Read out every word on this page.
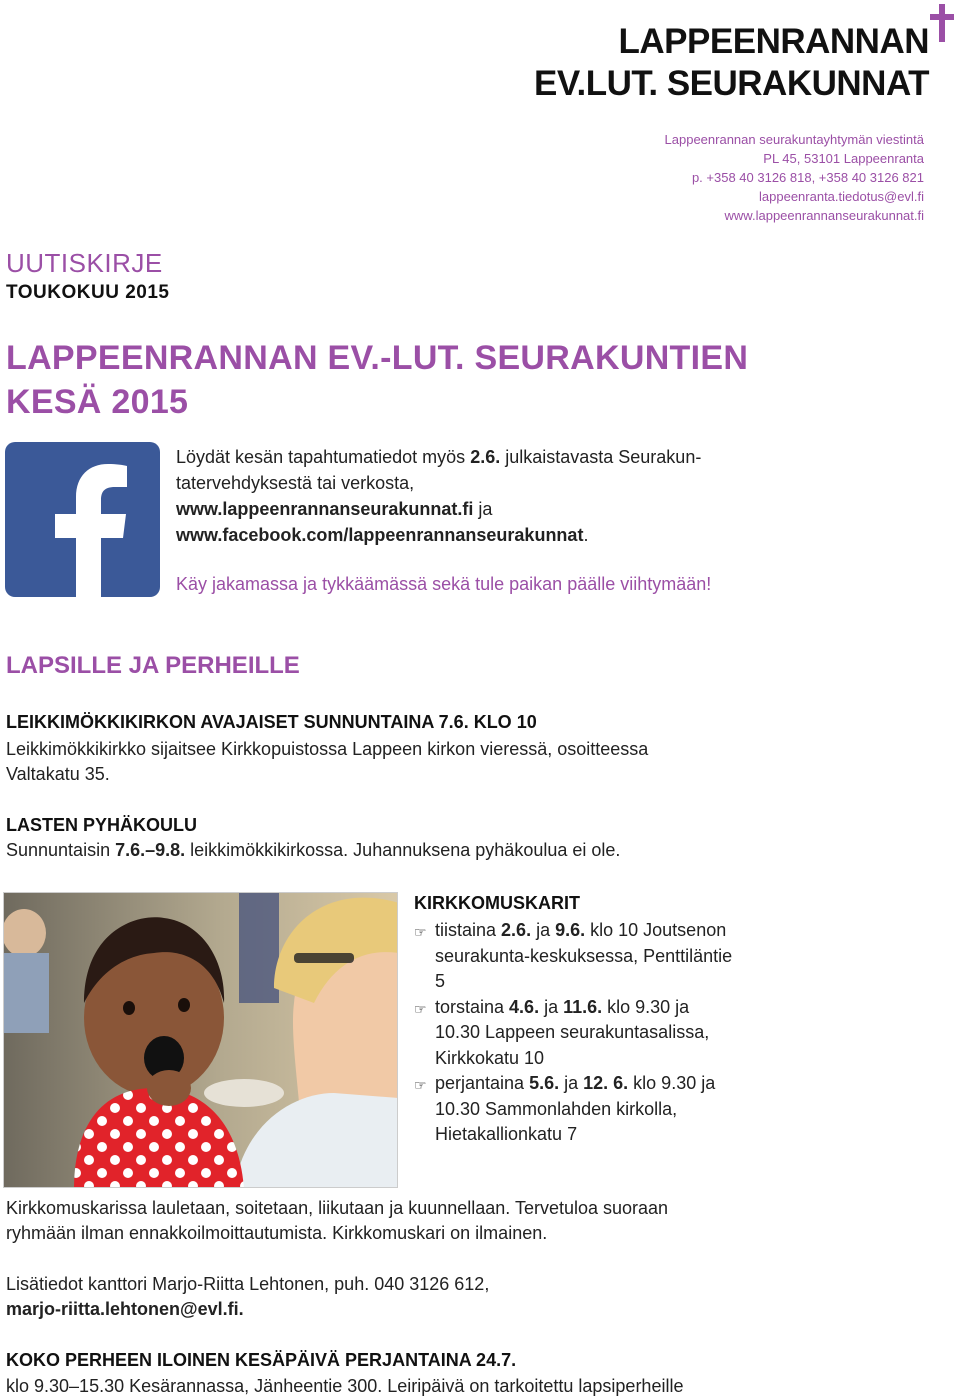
LAPPEENRANNAN
EV.LUT. SEURAKUNNAT
Lappeenrannan seurakuntayhtymän viestintä
PL 45, 53101 Lappeenranta
p. +358 40 3126 818, +358 40 3126 821
lappeenranta.tiedotus@evl.fi
www.lappeenrannanseurakunnat.fi
UUTISKIRJE
TOUKOKUU 2015
LAPPEENRANNAN EV.-LUT. SEURAKUNTIEN
KESÄ 2015

Löydät kesän tapahtumatiedot myös 2.6. julkaistavasta Seurakun-

tatervehdyksestä tai verkosta,

www.lappeenrannanseurakunnat.fi ja

www.facebook.com/lappeenrannanseurakunnat.

Käy jakamassa ja tykkäämässä sekä tule paikan päälle viihtymään!
LAPSILLE JA PERHEILLE
LEIKKIMÖKKIKIRKON AVAJAISET SUNNUNTAINA 7.6. KLO 10
Leikkimökkikirkko sijaitsee Kirkkopuistossa Lappeen kirkon vieressä, osoitteessa Valtakatu 35.
LASTEN PYHÄKOULU
Sunnuntaisin 7.6.–9.8. leikkimökkikirkossa. Juhannuksena pyhäkoulua ei ole.
KIRKKOMUSKARIT
☞ tiistaina 2.6. ja 9.6. klo 10 Joutsenon seurakunta-keskuksessa, Penttiläntie 5
☞ torstaina 4.6. ja 11.6. klo 9.30 ja 10.30 Lappeen seurakuntasalissa, Kirkkokatu 10
☞ perjantaina 5.6. ja 12. 6. klo 9.30 ja 10.30 Sammonlahden kirkolla, Hietakallionkatu 7
Kirkkomuskarissa lauletaan, soitetaan, liikutaan ja kuunnellaan. Tervetuloa suoraan ryhmään ilman ennakkoilmoittautumista. Kirkkomuskari on ilmainen.
Lisätiedot kanttori Marjo-Riitta Lehtonen, puh. 040 3126 612,
marjo-riitta.lehtonen@evl.fi.
KOKO PERHEEN ILOINEN KESÄPÄIVÄ PERJANTAINA 24.7.
klo 9.30–15.30 Kesärannassa, Jänheentie 300. Leiripäivä on tarkoitettu lapsiperheille
